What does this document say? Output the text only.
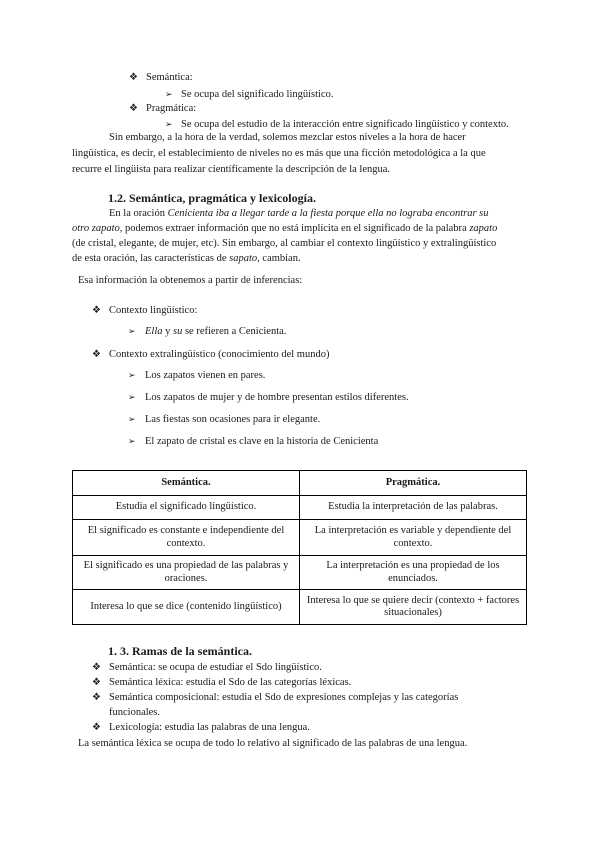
❖ Semántica:
➢ Se ocupa del significado lingüístico.
❖ Pragmática:
➢ Se ocupa del estudio de la interacción entre significado lingüístico y contexto.
Sin embargo, a la hora de la verdad, solemos mezclar estos niveles a la hora de hacer
lingüística, es decir, el establecimiento de niveles no es más que una ficción metodológica a la que
recurre el lingüista para realizar científicamente la descripción de la lengua.
1.2. Semántica, pragmática y lexicología.
En la oración Cenicienta iba a llegar tarde a la fiesta porque ella no lograba encontrar su
otro zapato, podemos extraer información que no está implícita en el significado de la palabra zapato
(de cristal, elegante, de mujer, etc). Sin embargo, al cambiar el contexto lingüístico y extralingüístico
de esta oración, las características de sapato, cambian.
Esa información la obtenemos a partir de inferencias:
❖ Contexto lingüístico:
➢ Ella y su se refieren a Cenicienta.
❖ Contexto extralingüístico (conocimiento del mundo)
➢ Los zapatos vienen en pares.
➢ Los zapatos de mujer y de hombre presentan estilos diferentes.
➢ Las fiestas son ocasiones para ir elegante.
➢ El zapato de cristal es clave en la historia de Cenicienta
Semántica.	Pragmática.
Estudia el significado lingüístico.	Estudia la interpretación de las palabras.
El significado es constante e independiente del contexto.	La interpretación es variable y dependiente del contexto.
El significado es una propiedad de las palabras y oraciones.	La interpretación es una propiedad de los enunciados.
Interesa lo que se dice (contenido lingüístico)	Interesa lo que se quiere decir (contexto + factores situacionales)
1. 3. Ramas de la semántica.
❖ Semántica: se ocupa de estudiar el Sdo lingüístico.
❖ Semántica léxica: estudia el Sdo de las categorías léxicas.
❖ Semántica composicional: estudia el Sdo de expresiones complejas y las categorías
funcionales.
❖ Lexicología: estudia las palabras de una lengua.
La semántica léxica se ocupa de todo lo relativo al significado de las palabras de una lengua.
